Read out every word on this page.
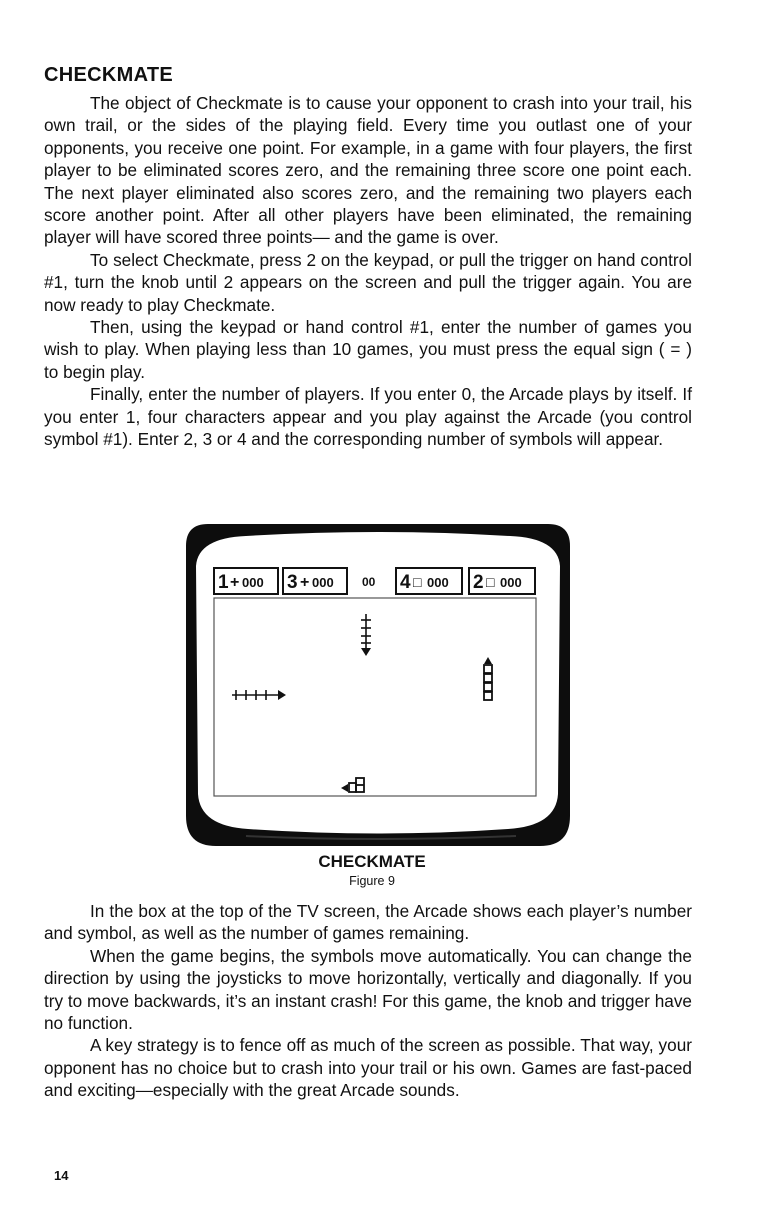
CHECKMATE

The object of Checkmate is to cause your opponent to crash into your trail, his own trail, or the sides of the playing field. Every time you outlast one of your opponents, you receive one point. For example, in a game with four players, the first player to be eliminated scores zero, and the remaining three score one point each. The next player eliminated also scores zero, and the remaining two players each score another point. After all other players have been eliminated, the remaining player will have scored three points— and the game is over.

To select Checkmate, press 2 on the keypad, or pull the trigger on hand control #1, turn the knob until 2 appears on the screen and pull the trigger again. You are now ready to play Checkmate.

Then, using the keypad or hand control #1, enter the number of games you wish to play. When playing less than 10 games, you must press the equal sign ( = ) to begin play.

Finally, enter the number of players. If you enter 0, the Arcade plays by itself. If you enter 1, four characters appear and you play against the Arcade (you control symbol #1). Enter 2, 3 or 4 and the corresponding number of symbols will appear.

1 + 000 3 + 000 00 4 □ 000 2 □ 000
CHECKMATE
Figure 9

In the box at the top of the TV screen, the Arcade shows each player’s number and symbol, as well as the number of games remaining.

When the game begins, the symbols move automatically. You can change the direction by using the joysticks to move horizontally, vertically and diagonally. If you try to move backwards, it’s an instant crash! For this game, the knob and trigger have no function.

A key strategy is to fence off as much of the screen as possible. That way, your opponent has no choice but to crash into your trail or his own. Games are fast-paced and exciting—especially with the great Arcade sounds.

14
